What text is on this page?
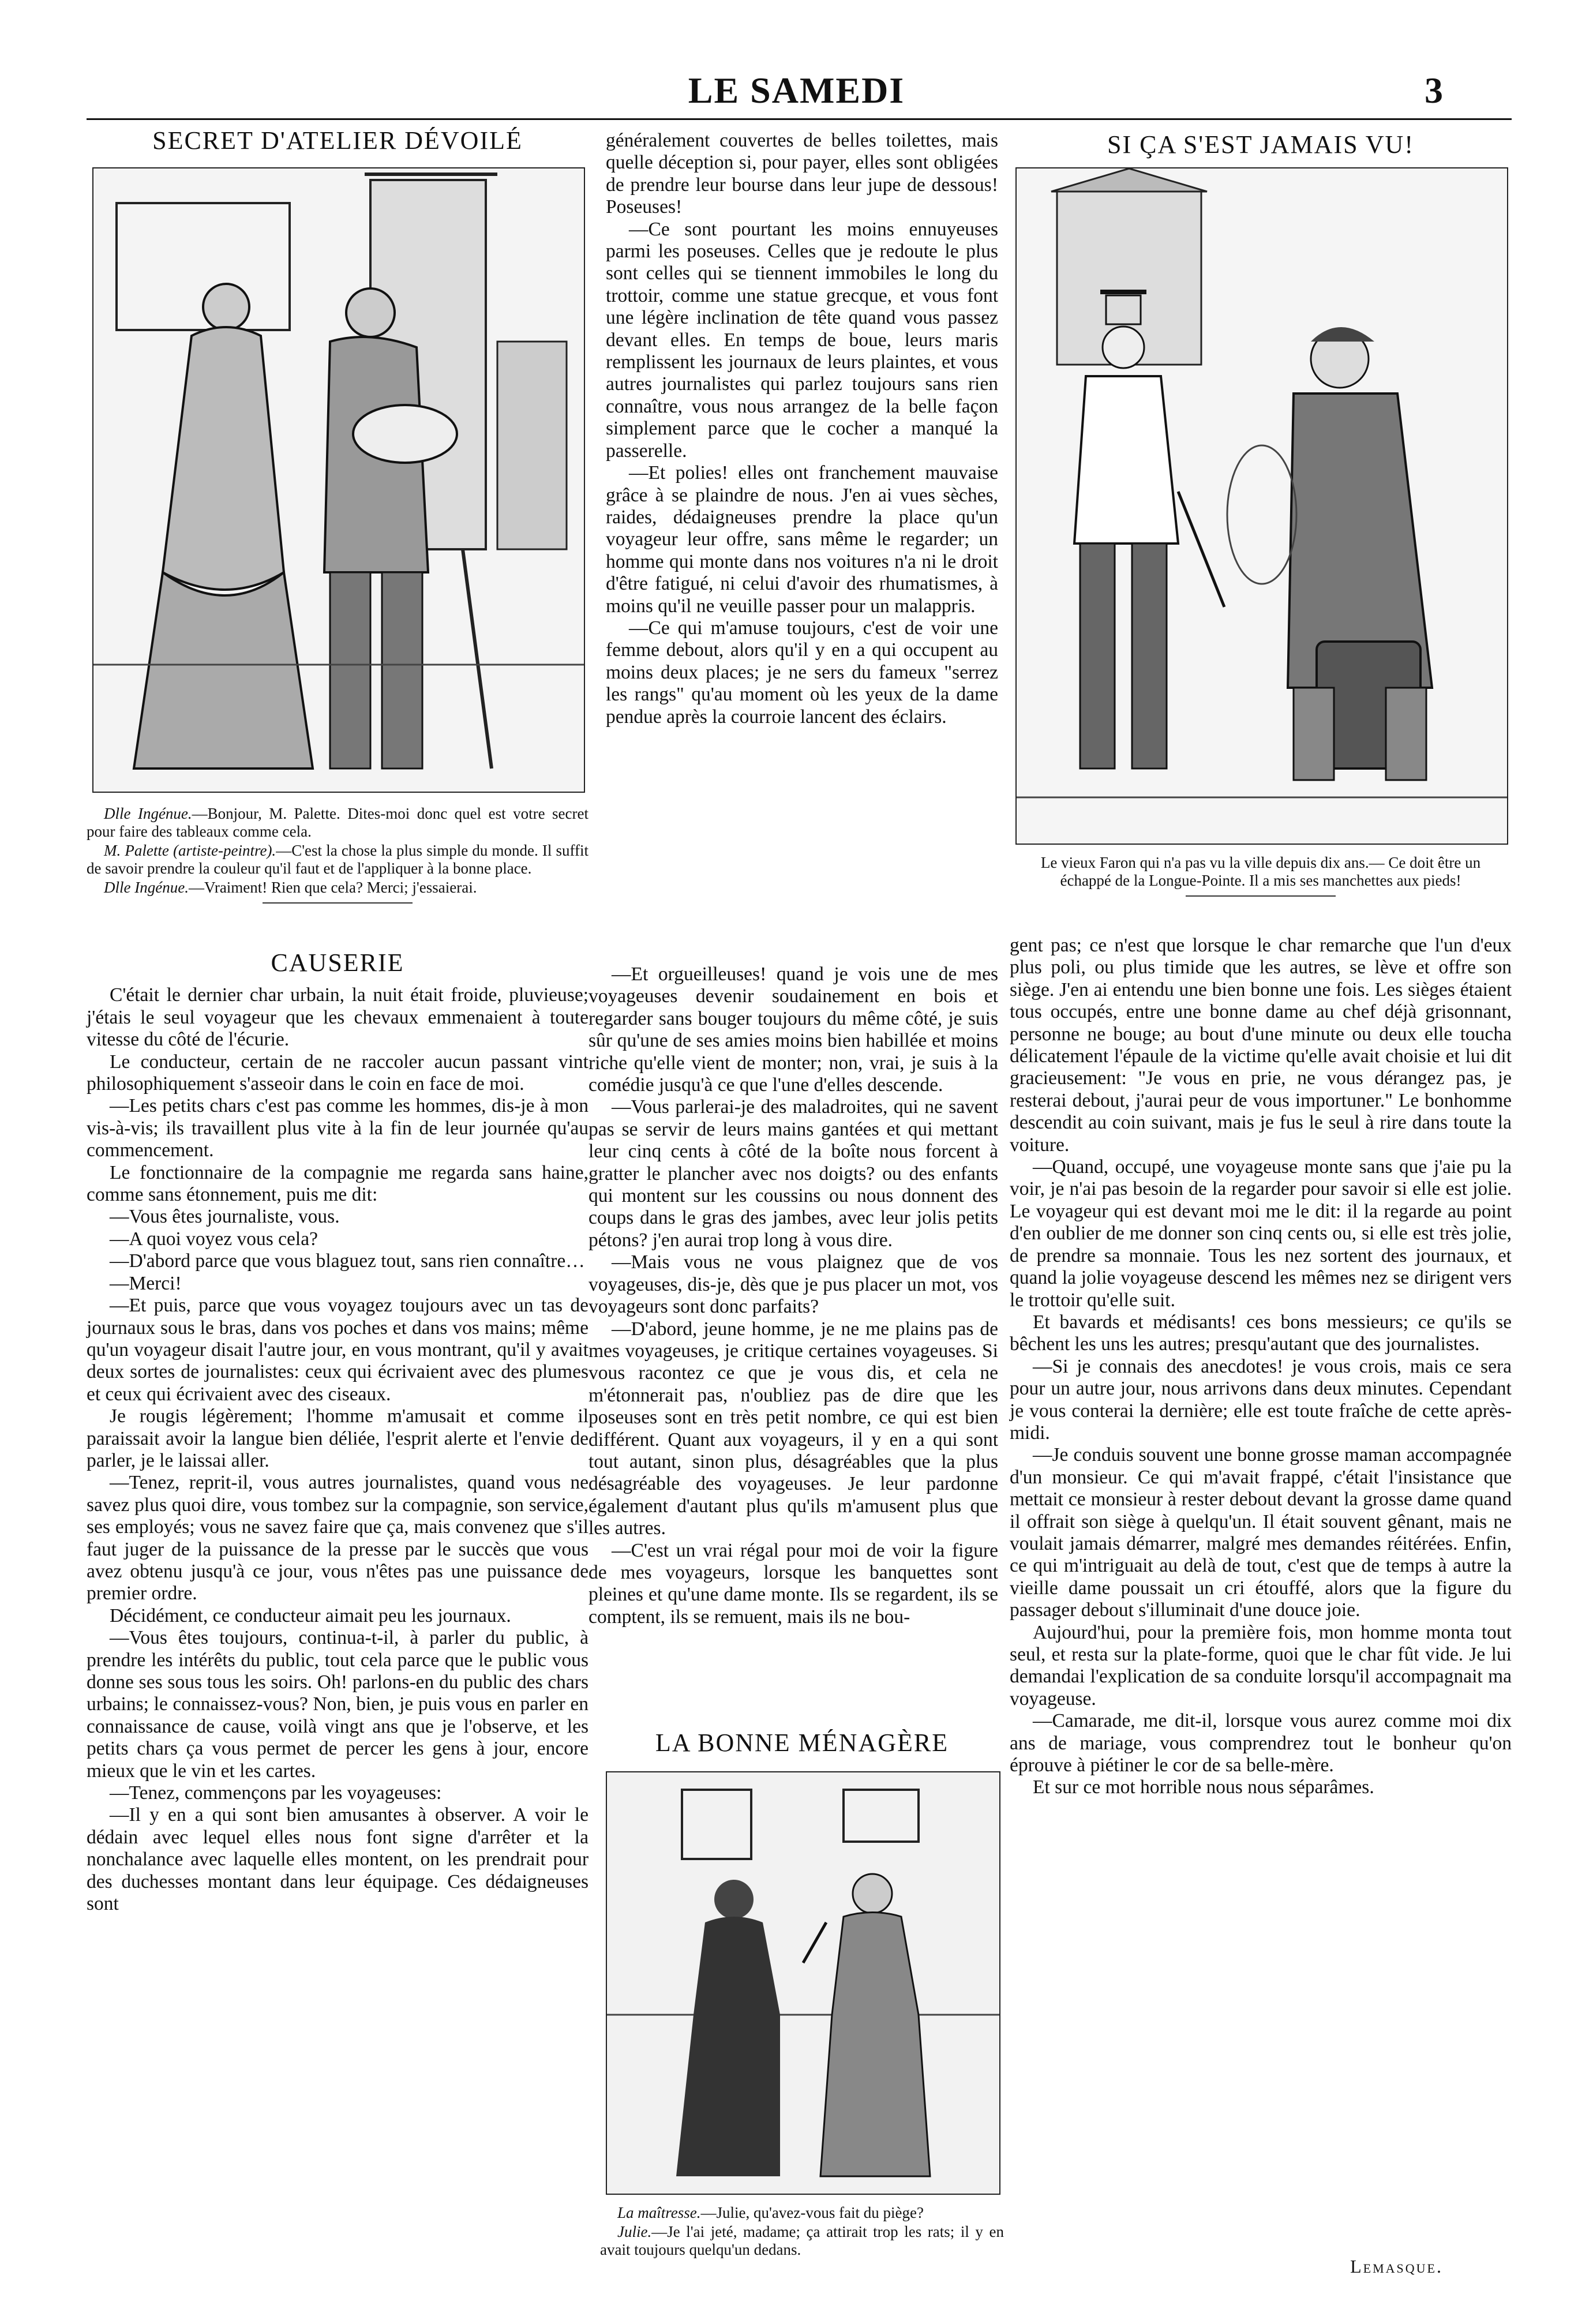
LE SAMEDI	3
SECRET D'ATELIER DÉVOILÉ

Dlle Ingénue.—Bonjour, M. Palette. Dites-moi donc quel est votre secret pour faire des tableaux comme cela.

M. Palette (artiste-peintre).—C'est la chose la plus simple du monde. Il suffit de savoir prendre la couleur qu'il faut et de l'appliquer à la bonne place.

Dlle Ingénue.—Vraiment! Rien que cela? Merci; j'essaierai.

CAUSERIE

C'était le dernier char urbain, la nuit était froide, pluvieuse; j'étais le seul voyageur que les chevaux emmenaient à toute vitesse du côté de l'écurie.

Le conducteur, certain de ne raccoler aucun passant vint philosophiquement s'asseoir dans le coin en face de moi.

—Les petits chars c'est pas comme les hommes, dis-je à mon vis-à-vis; ils travaillent plus vite à la fin de leur journée qu'au commencement.

Le fonctionnaire de la compagnie me regarda sans haine, comme sans étonnement, puis me dit:

—Vous êtes journaliste, vous.

—A quoi voyez vous cela?

—D'abord parce que vous blaguez tout, sans rien connaître…

—Merci!

—Et puis, parce que vous voyagez toujours avec un tas de journaux sous le bras, dans vos poches et dans vos mains; même qu'un voyageur disait l'autre jour, en vous montrant, qu'il y avait deux sortes de journalistes: ceux qui écrivaient avec des plumes et ceux qui écrivaient avec des ciseaux.

Je rougis légèrement; l'homme m'amusait et comme il paraissait avoir la langue bien déliée, l'esprit alerte et l'envie de parler, je le laissai aller.

—Tenez, reprit-il, vous autres journalistes, quand vous ne savez plus quoi dire, vous tombez sur la compagnie, son service, ses employés; vous ne savez faire que ça, mais convenez que s'il faut juger de la puissance de la presse par le succès que vous avez obtenu jusqu'à ce jour, vous n'êtes pas une puissance de premier ordre.

Décidément, ce conducteur aimait peu les journaux.

—Vous êtes toujours, continua-t-il, à parler du public, à prendre les intérêts du public, tout cela parce que le public vous donne ses sous tous les soirs. Oh! parlons-en du public des chars urbains; le connaissez-vous? Non, bien, je puis vous en parler en connaissance de cause, voilà vingt ans que je l'observe, et les petits chars ça vous permet de percer les gens à jour, encore mieux que le vin et les cartes.

—Tenez, commençons par les voyageuses:

—Il y en a qui sont bien amusantes à observer. A voir le dédain avec lequel elles nous font signe d'arrêter et la nonchalance avec laquelle elles montent, on les prendrait pour des duchesses montant dans leur équipage. Ces dédaigneuses sont

généralement couvertes de belles toilettes, mais quelle déception si, pour payer, elles sont obligées de prendre leur bourse dans leur jupe de dessous! Poseuses!

—Ce sont pourtant les moins ennuyeuses parmi les poseuses. Celles que je redoute le plus sont celles qui se tiennent immobiles le long du trottoir, comme une statue grecque, et vous font une légère inclination de tête quand vous passez devant elles. En temps de boue, leurs maris remplissent les journaux de leurs plaintes, et vous autres journalistes qui parlez toujours sans rien connaître, vous nous arrangez de la belle façon simplement parce que le cocher a manqué la passerelle.

—Et polies! elles ont franchement mauvaise grâce à se plaindre de nous. J'en ai vues sèches, raides, dédaigneuses prendre la place qu'un voyageur leur offre, sans même le regarder; un homme qui monte dans nos voitures n'a ni le droit d'être fatigué, ni celui d'avoir des rhumatismes, à moins qu'il ne veuille passer pour un malappris.

—Ce qui m'amuse toujours, c'est de voir une femme debout, alors qu'il y en a qui occupent au moins deux places; je ne sers du fameux "serrez les rangs" qu'au moment où les yeux de la dame pendue après la courroie lancent des éclairs.

—Et orgueilleuses! quand je vois une de mes voyageuses devenir soudainement en bois et regarder sans bouger toujours du même côté, je suis sûr qu'une de ses amies moins bien habillée et moins riche qu'elle vient de monter; non, vrai, je suis à la comédie jusqu'à ce que l'une d'elles descende.

—Vous parlerai-je des maladroites, qui ne savent pas se servir de leurs mains gantées et qui mettant leur cinq cents à côté de la boîte nous forcent à gratter le plancher avec nos doigts? ou des enfants qui montent sur les coussins ou nous donnent des coups dans le gras des jambes, avec leur jolis petits pétons? j'en aurai trop long à vous dire.

—Mais vous ne vous plaignez que de vos voyageuses, dis-je, dès que je pus placer un mot, vos voyageurs sont donc parfaits?

—D'abord, jeune homme, je ne me plains pas de mes voyageuses, je critique certaines voyageuses. Si vous racontez ce que je vous dis, et cela ne m'étonnerait pas, n'oubliez pas de dire que les poseuses sont en très petit nombre, ce qui est bien différent. Quant aux voyageurs, il y en a qui sont tout autant, sinon plus, désagréables que la plus désagréable des voyageuses. Je leur pardonne également d'autant plus qu'ils m'amusent plus que les autres.

—C'est un vrai régal pour moi de voir la figure de mes voyageurs, lorsque les banquettes sont pleines et qu'une dame monte. Ils se regardent, ils se comptent, ils se remuent, mais ils ne bou-

LA BONNE MÉNAGÈRE

La maîtresse.—Julie, qu'avez-vous fait du piège?

Julie.—Je l'ai jeté, madame; ça attirait trop les rats; il y en avait toujours quelqu'un dedans.

SI ÇA S'EST JAMAIS VU!

Le vieux Faron qui n'a pas vu la ville depuis dix ans.— Ce doit être un échappé de la Longue-Pointe. Il a mis ses manchettes aux pieds!

gent pas; ce n'est que lorsque le char remarche que l'un d'eux plus poli, ou plus timide que les autres, se lève et offre son siège. J'en ai entendu une bien bonne une fois. Les sièges étaient tous occupés, entre une bonne dame au chef déjà grisonnant, personne ne bouge; au bout d'une minute ou deux elle toucha délicatement l'épaule de la victime qu'elle avait choisie et lui dit gracieusement: "Je vous en prie, ne vous dérangez pas, je resterai debout, j'aurai peur de vous importuner." Le bonhomme descendit au coin suivant, mais je fus le seul à rire dans toute la voiture.

—Quand, occupé, une voyageuse monte sans que j'aie pu la voir, je n'ai pas besoin de la regarder pour savoir si elle est jolie. Le voyageur qui est devant moi me le dit: il la regarde au point d'en oublier de me donner son cinq cents ou, si elle est très jolie, de prendre sa monnaie. Tous les nez sortent des journaux, et quand la jolie voyageuse descend les mêmes nez se dirigent vers le trottoir qu'elle suit.

Et bavards et médisants! ces bons messieurs; ce qu'ils se bêchent les uns les autres; presqu'autant que des journalistes.

—Si je connais des anecdotes! je vous crois, mais ce sera pour un autre jour, nous arrivons dans deux minutes. Cependant je vous conterai la dernière; elle est toute fraîche de cette après-midi.

—Je conduis souvent une bonne grosse maman accompagnée d'un monsieur. Ce qui m'avait frappé, c'était l'insistance que mettait ce monsieur à rester debout devant la grosse dame quand il offrait son siège à quelqu'un. Il était souvent gênant, mais ne voulait jamais démarrer, malgré mes demandes réitérées. Enfin, ce qui m'intriguait au delà de tout, c'est que de temps à autre la vieille dame poussait un cri étouffé, alors que la figure du passager debout s'illuminait d'une douce joie.

Aujourd'hui, pour la première fois, mon homme monta tout seul, et resta sur la plate-forme, quoi que le char fût vide. Je lui demandai l'explication de sa conduite lorsqu'il accompagnait ma voyageuse.

—Camarade, me dit-il, lorsque vous aurez comme moi dix ans de mariage, vous comprendrez tout le bonheur qu'on éprouve à piétiner le cor de sa belle-mère.

Et sur ce mot horrible nous nous séparâmes.

Lemasque.
